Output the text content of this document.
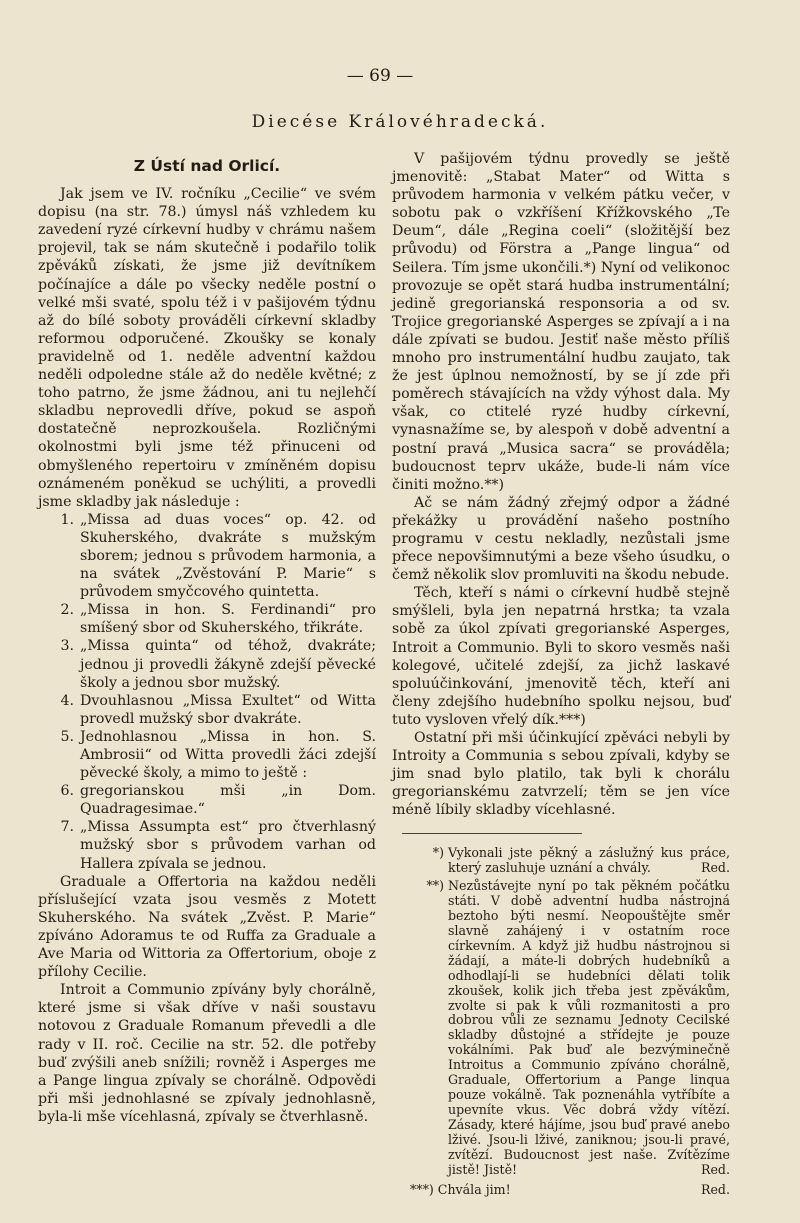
— 69 —
Diecése Královéhradecká.
Z Ústí nad Orlicí.

Jak jsem ve IV. ročníku „Cecilie“ ve svém dopisu (na str. 78.) úmysl náš vzhledem ku zavedení ryzé církevní hudby v chrámu našem projevil, tak se nám skutečně i podařilo tolik zpěváků získati, že jsme již devítníkem počínajíce a dále po všecky neděle postní o velké mši svaté, spolu též i v pašijovém týdnu až do bílé soboty prováděli církevní skladby reformou odporučené. Zkoušky se konaly pravidelně od 1. neděle adventní každou neděli odpoledne stále až do neděle květné; z toho patrno, že jsme žádnou, ani tu nejlehčí skladbu neprovedli dříve, pokud se aspoň dostatečně neprozkoušela. Rozličnými okolnostmi byli jsme též přinuceni od obmyšleného repertoiru v zmíněném dopisu oznámeném poněkud se uchýliti, a provedli jsme skladby jak následuje :

1. „Missa ad duas voces“ op. 42. od Skuherského, dvakráte s mužským sborem; jednou s průvodem harmonia, a na svátek „Zvěstování P. Marie“ s průvodem smyčcového quintetta.
2. „Missa in hon. S. Ferdinandi“ pro smíšený sbor od Skuherského, třikráte.
3. „Missa quinta“ od téhož, dvakráte; jednou ji provedli žákyně zdejší pěvecké školy a jednou sbor mužský.
4. Dvouhlasnou „Missa Exultet“ od Witta provedl mužský sbor dvakráte.
5. Jednohlasnou „Missa in hon. S. Ambrosii“ od Witta provedli žáci zdejší pěvecké školy, a mimo to ještě :
6. gregorianskou mši „in Dom. Quadragesimae.“
7. „Missa Assumpta est“ pro čtverhlasný mužský sbor s průvodem varhan od Hallera zpívala se jednou.

Graduale a Offertoria na každou neděli příslušející vzata jsou vesměs z Motett Skuherského. Na svátek „Zvěst. P. Marie“ zpíváno Adoramus te od Ruffa za Graduale a Ave Maria od Wittoria za Offertorium, oboje z přílohy Cecilie.

Introit a Communio zpívány byly chorálně, které jsme si však dříve v naši soustavu notovou z Graduale Romanum převedli a dle rady v II. roč. Cecilie na str. 52. dle potřeby buď zvýšili aneb snížili; rovněž i Asperges me a Pange lingua zpívaly se chorálně. Odpovědi při mši jednohlasné se zpívaly jednohlasně, byla-li mše vícehlasná, zpívaly se čtverhlasně.

V pašijovém týdnu provedly se ještě jmenovitě: „Stabat Mater“ od Witta s průvodem harmonia v velkém pátku večer, v sobotu pak o vzkříšení Křížkovského „Te Deum“, dále „Regina coeli“ (složitější bez průvodu) od Förstra a „Pange lingua“ od Seilera. Tím jsme ukončili.*) Nyní od velikonoc provozuje se opět stará hudba instrumentální; jedině gregorianská responsoria a od sv. Trojice gregorianské Asperges se zpívají a i na dále zpívati se budou. Jestiť naše město příliš mnoho pro instrumentální hudbu zaujato, tak že jest úplnou nemožností, by se jí zde při poměrech stávajících na vždy výhost dala. My však, co ctitelé ryzé hudby církevní, vynasnažíme se, by alespoň v době adventní a postní pravá „Musica sacra“ se prováděla; budoucnost teprv ukáže, bude-li nám více činiti možno.**)

Ač se nám žádný zřejmý odpor a žádné překážky u provádění našeho postního programu v cestu nekladly, nezůstali jsme přece nepovšimnutými a beze všeho úsudku, o čemž několik slov promluviti na škodu nebude.

Těch, kteří s námi o církevní hudbě stejně smýšleli, byla jen nepatrná hrstka; ta vzala sobě za úkol zpívati gregorianské Asperges, Introit a Communio. Byli to skoro vesměs naši kolegové, učitelé zdejší, za jichž laskavé spoluúčinkování, jmenovitě těch, kteří ani členy zdejšího hudebního spolku nejsou, buď tuto vysloven vřelý dík.***)

Ostatní při mši účinkující zpěváci nebyli by Introity a Communia s sebou zpívali, kdyby se jim snad bylo platilo, tak byli k chorálu gregorianskému zatvrzelí; těm se jen více méně líbily skladby vícehlasné.

*) Vykonali jste pěkný a záslužný kus práce, který zasluhuje uznání a chvály.	Red.
**) Nezůstávejte nyní po tak pěkném počátku státi. V době adventní hudba nástrojná beztoho býti nesmí. Neopouštějte směr slavně zahájený i v ostatním roce církevním. A když již hudbu nástrojnou si žádají, a máte-li dobrých hudebníků a odhodlají-li se hudebníci dělati tolik zkoušek, kolik jich třeba jest zpěvákům, zvolte si pak k vůli rozmanitosti a pro dobrou vůli ze seznamu Jednoty Cecilské skladby důstojné a střídejte je pouze vokálními. Pak buď ale bezvýminečně Introitus a Communio zpíváno chorálně, Graduale, Offertorium a Pange linqua pouze vokálně. Tak poznenáhla vytříbíte a upevníte vkus. Věc dobrá vždy vítězí. Zásady, které hájíme, jsou buď pravé anebo lživé. Jsou-li lživé, zaniknou; jsou-li pravé, zvítězí. Budoucnost jest naše. Zvítězíme jistě! Jistě!	Red.
***) Chvála jim!	Red.
